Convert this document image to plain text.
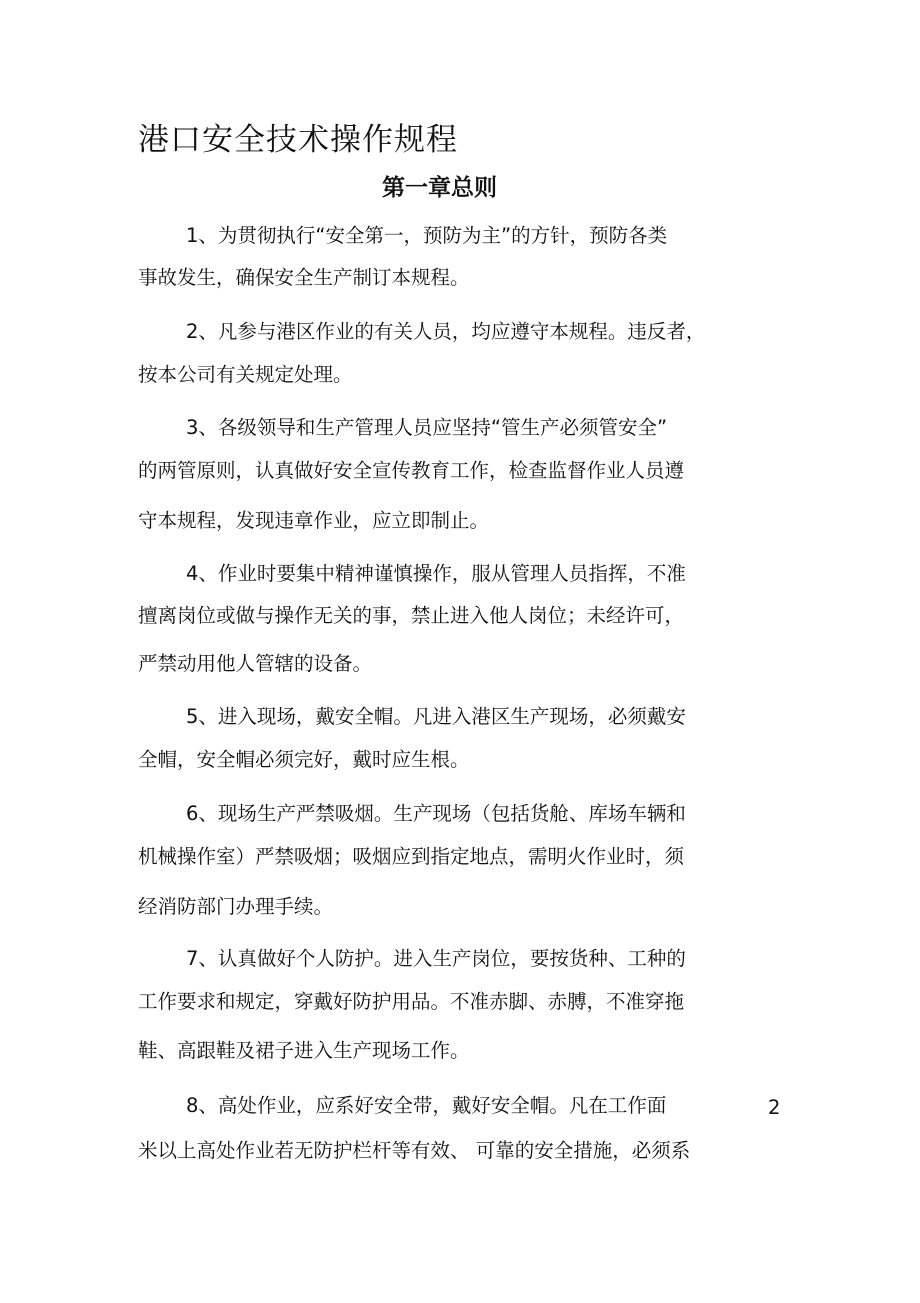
港口安全技术操作规程
第一章总则
1、为贯彻执行“安全第一，预防为主”的方针，预防各类
事故发生，确保安全生产制订本规程。
2、凡参与港区作业的有关人员，均应遵守本规程。违反者，
按本公司有关规定处理。
3、各级领导和生产管理人员应坚持“管生产必须管安全”
的两管原则，认真做好安全宣传教育工作，检查监督作业人员遵
守本规程，发现违章作业，应立即制止。
4、作业时要集中精神谨慎操作，服从管理人员指挥，不准
擅离岗位或做与操作无关的事，禁止进入他人岗位；未经许可，
严禁动用他人管辖的设备。
5、进入现场，戴安全帽。凡进入港区生产现场，必须戴安
全帽，安全帽必须完好，戴时应生根。
6、现场生产严禁吸烟。生产现场（包括货舱、库场车辆和
机械操作室）严禁吸烟；吸烟应到指定地点，需明火作业时，须
经消防部门办理手续。
7、认真做好个人防护。进入生产岗位，要按货种、工种的
工作要求和规定，穿戴好防护用品。不准赤脚、赤膊，不准穿拖
鞋、高跟鞋及裙子进入生产现场工作。
8、高处作业，应系好安全带，戴好安全帽。凡在工作面	2
米以上高处作业若无防护栏杆等有效、 可靠的安全措施，必须系
